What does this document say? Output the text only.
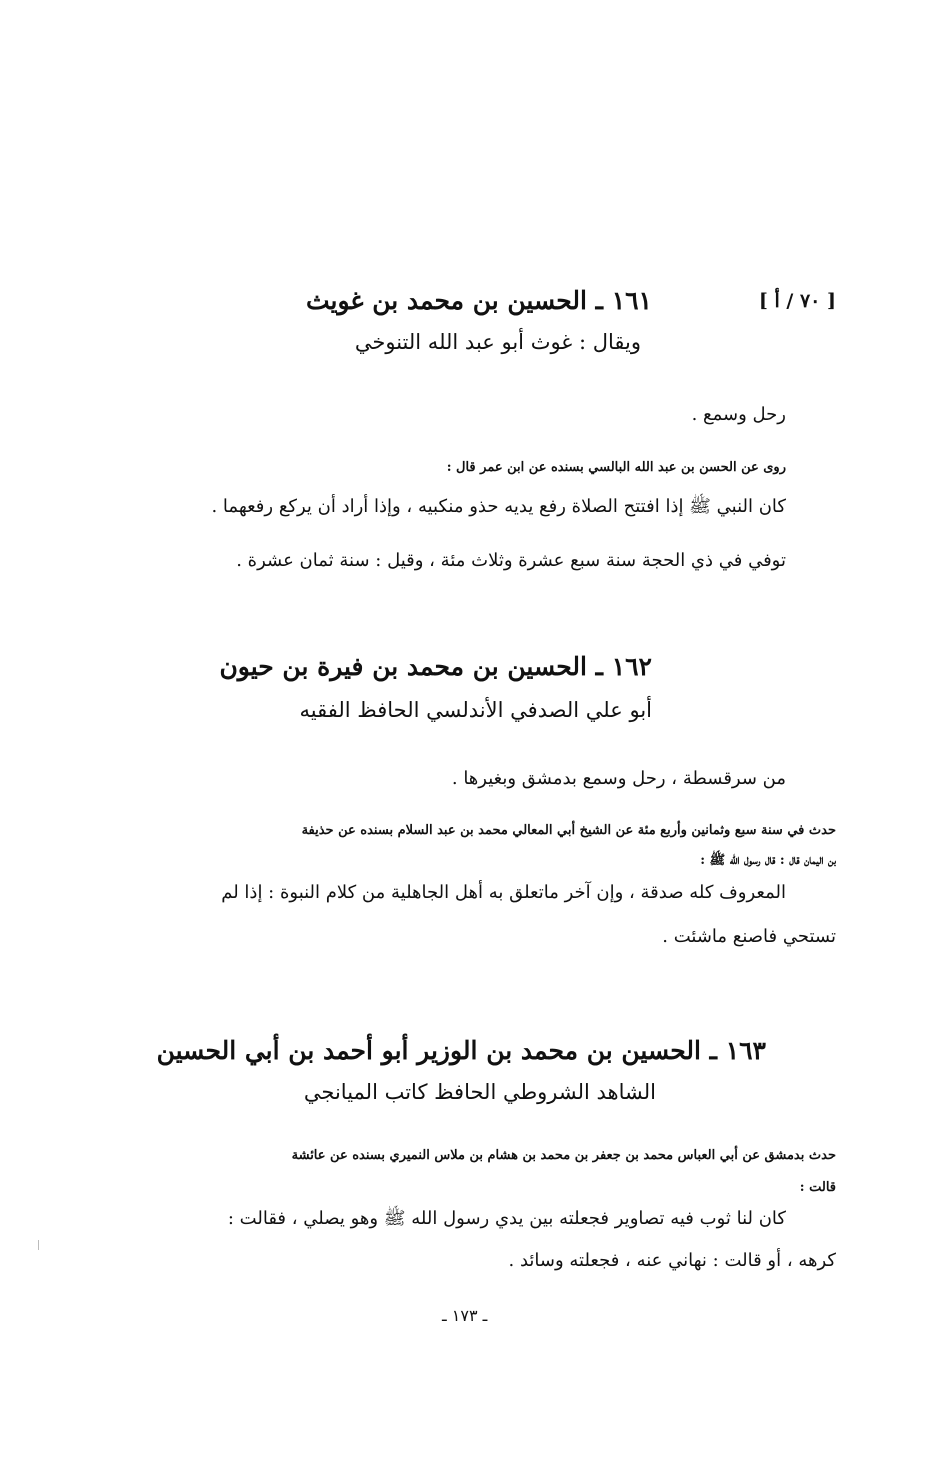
[ ٧٠ / أ ]
١٦١ ـ الحسين بن محمد بن غويث
ويقال : غوث أبو عبد الله التنوخي
رحل وسمع .
روى عن الحسن بن عبد الله البالسي بسنده عن ابن عمر قال :
كان النبي ﷺ إذا افتتح الصلاة رفع يديه حذو منكبيه ، وإذا أراد أن يركع رفعهما .
توفي في ذي الحجة سنة سبع عشرة وثلاث مئة ، وقيل : سنة ثمان عشرة .
١٦٢ ـ الحسين بن محمد بن فيرة بن حيون
أبو علي الصدفي الأندلسي الحافظ الفقيه
من سرقسطة ، رحل وسمع بدمشق وبغيرها .
حدث في سنة سبع وثمانين وأربع مئة عن الشيخ أبي المعالي محمد بن عبد السلام بسنده عن حذيفة
بن اليمان قال : قال رسول الله ﷺ :
المعروف كله صدقة ، وإن آخر ماتعلق به أهل الجاهلية من كلام النبوة : إذا لم
تستحي فاصنع ماشئت .
١٦٣ ـ الحسين بن محمد بن الوزير أبو أحمد بن أبي الحسين
الشاهد الشروطي الحافظ كاتب الميانجي
حدث بدمشق عن أبي العباس محمد بن جعفر بن محمد بن هشام بن ملاس النميري بسنده عن عائشة
قالت :
كان لنا ثوب فيه تصاوير فجعلته بين يدي رسول الله ﷺ وهو يصلي ، فقالت :
كرهه ، أو قالت : نهاني عنه ، فجعلته وسائد .
ـ ١٧٣ ـ
